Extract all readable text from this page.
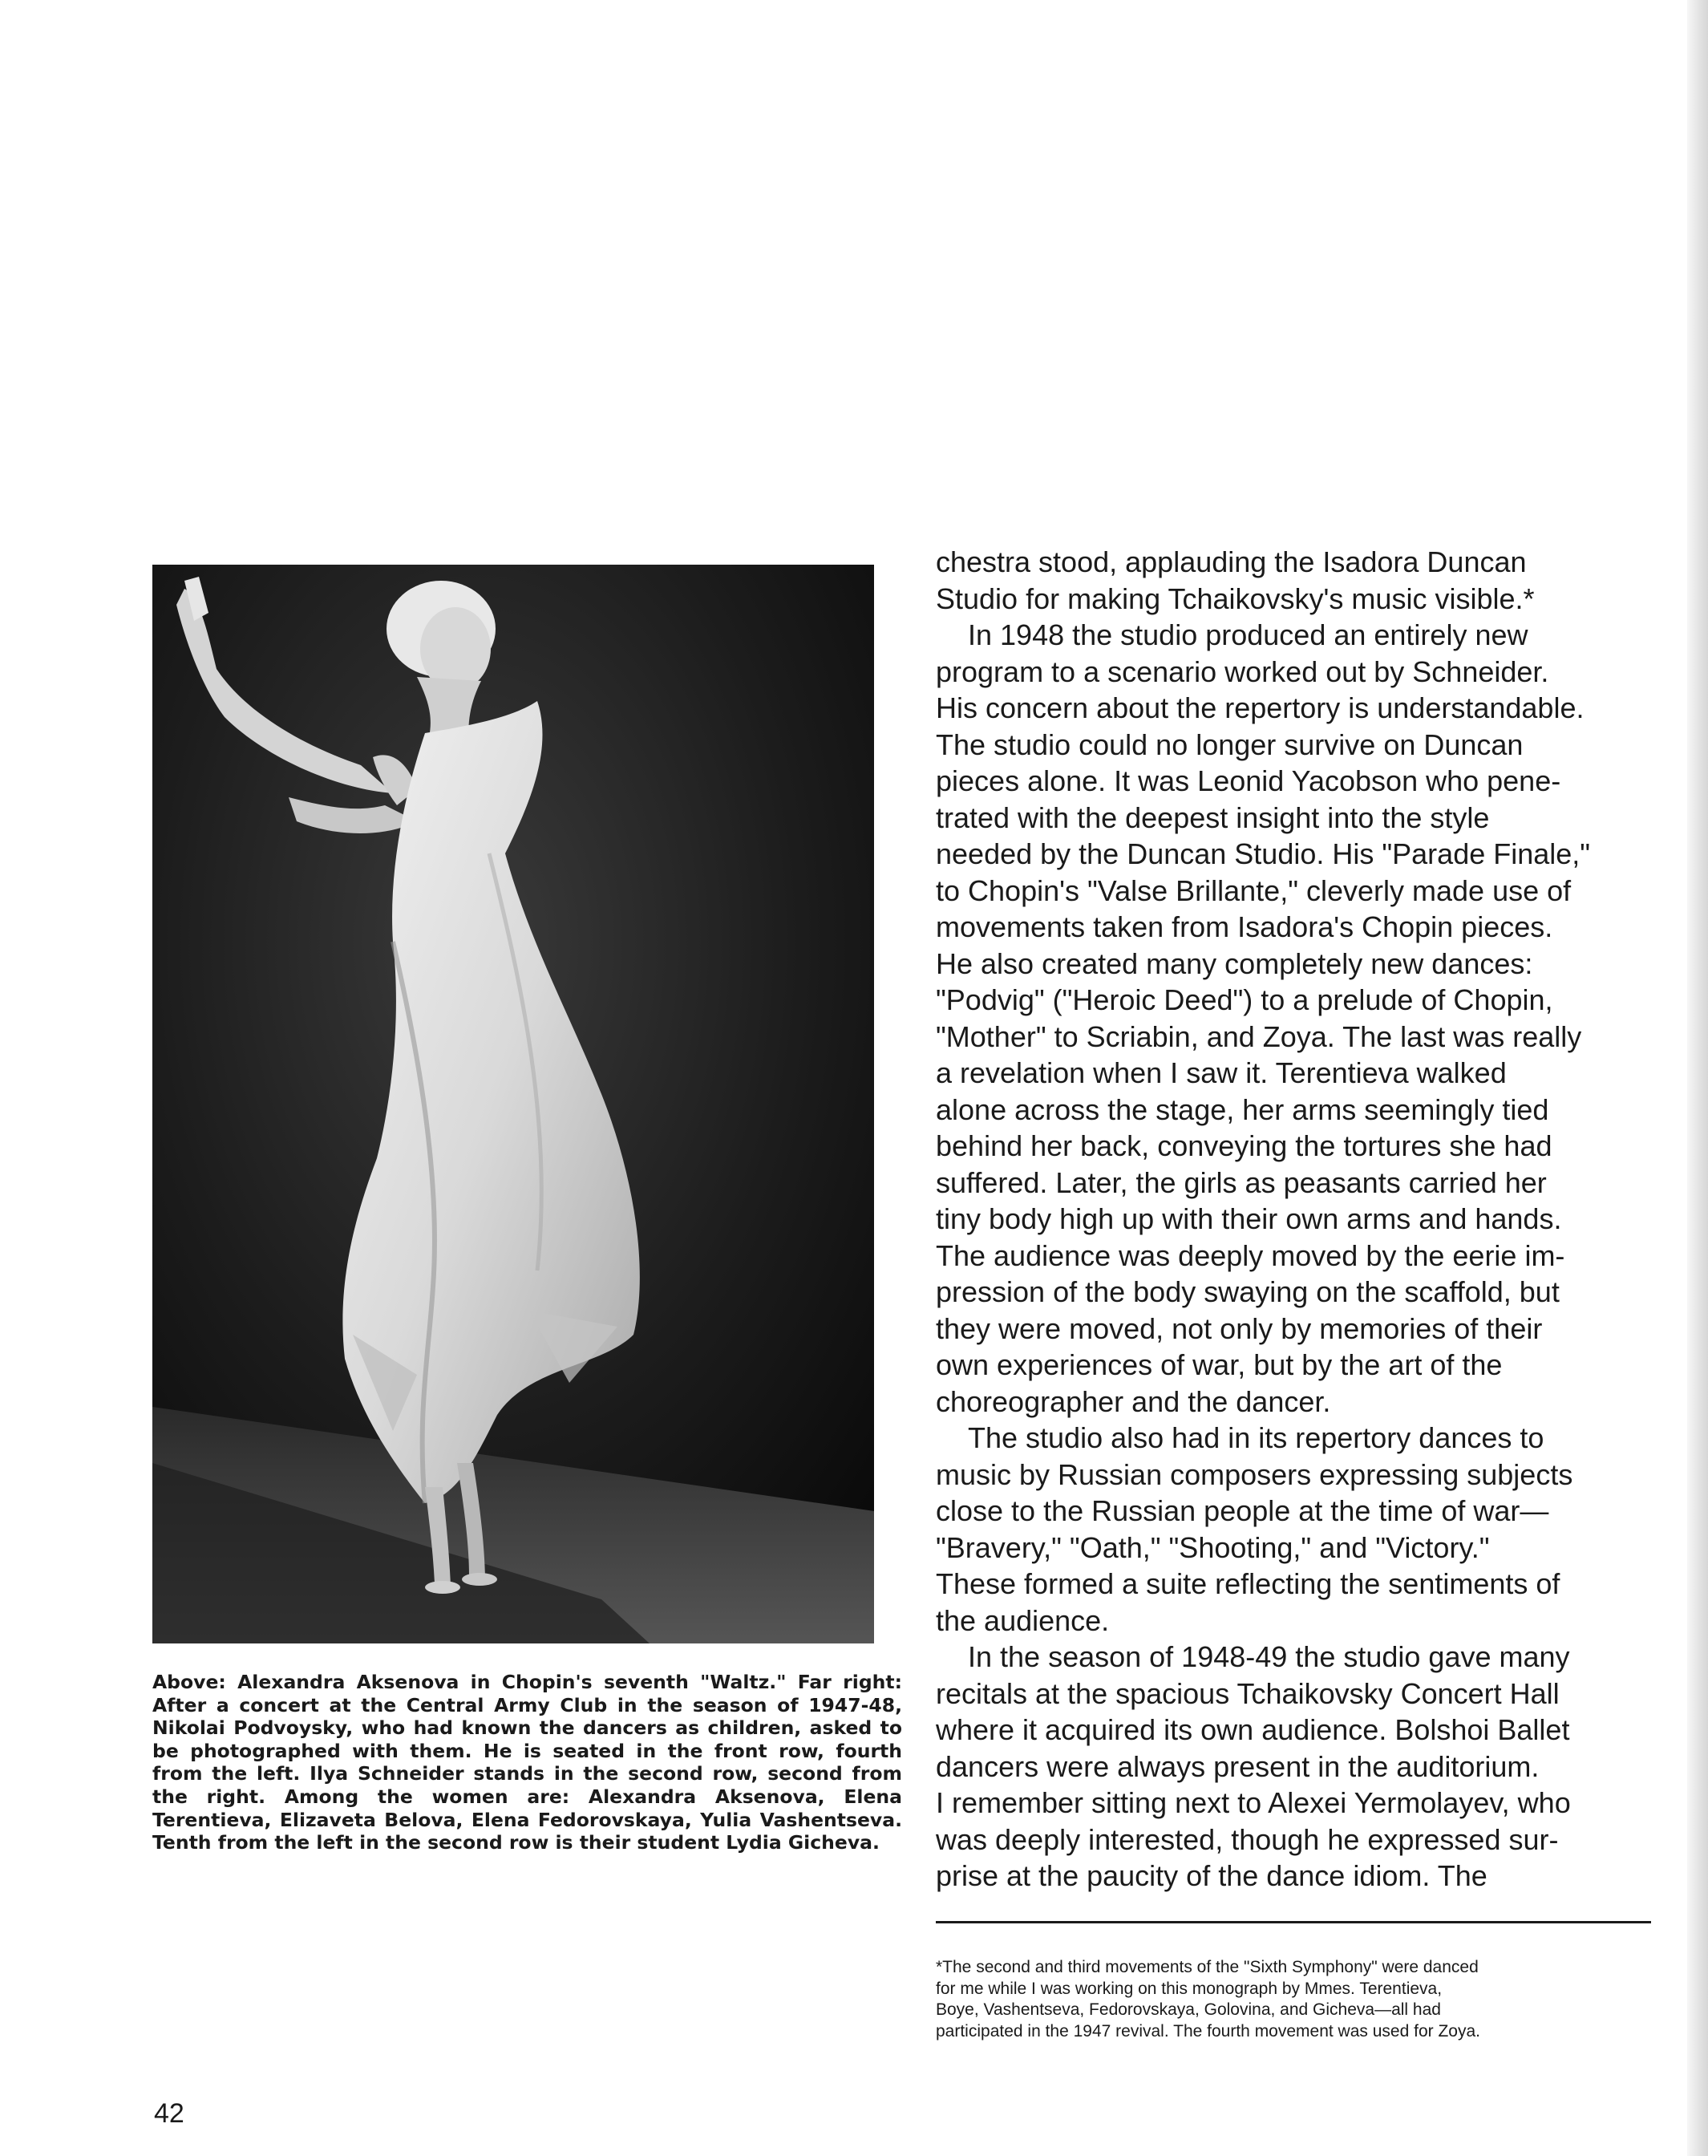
Above: Alexandra Aksenova in Chopin's seventh "Waltz." Far right: After a concert at the Central Army Club in the season of 1947-48, Nikolai Podvoysky, who had known the dancers as children, asked to be photographed with them. He is seated in the front row, fourth from the left. Ilya Schneider stands in the second row, second from the right. Among the women are: Alexandra Aksenova, Elena Terentieva, Elizaveta Belova, Elena Fedorovskaya, Yulia Vashentseva. Tenth from the left in the second row is their student Lydia Gicheva.

chestra stood, applauding the Isadora Duncan
Studio for making Tchaikovsky's music visible.*
In 1948 the studio produced an entirely new
program to a scenario worked out by Schneider.
His concern about the repertory is understandable.
The studio could no longer survive on Duncan
pieces alone. It was Leonid Yacobson who pene-
trated with the deepest insight into the style
needed by the Duncan Studio. His "Parade Finale,"
to Chopin's "Valse Brillante," cleverly made use of
movements taken from Isadora's Chopin pieces.
He also created many completely new dances:
"Podvig" ("Heroic Deed") to a prelude of Chopin,
"Mother" to Scriabin, and Zoya. The last was really
a revelation when I saw it. Terentieva walked
alone across the stage, her arms seemingly tied
behind her back, conveying the tortures she had
suffered. Later, the girls as peasants carried her
tiny body high up with their own arms and hands.
The audience was deeply moved by the eerie im-
pression of the body swaying on the scaffold, but
they were moved, not only by memories of their
own experiences of war, but by the art of the
choreographer and the dancer.
The studio also had in its repertory dances to
music by Russian composers expressing subjects
close to the Russian people at the time of war—
"Bravery," "Oath," "Shooting," and "Victory."
These formed a suite reflecting the sentiments of
the audience.
In the season of 1948-49 the studio gave many
recitals at the spacious Tchaikovsky Concert Hall
where it acquired its own audience. Bolshoi Ballet
dancers were always present in the auditorium.
I remember sitting next to Alexei Yermolayev, who
was deeply interested, though he expressed sur-
prise at the paucity of the dance idiom. The
*The second and third movements of the "Sixth Symphony" were danced
for me while I was working on this monograph by Mmes. Terentieva,
Boye, Vashentseva, Fedorovskaya, Golovina, and Gicheva—all had
participated in the 1947 revival. The fourth movement was used for Zoya.
42
